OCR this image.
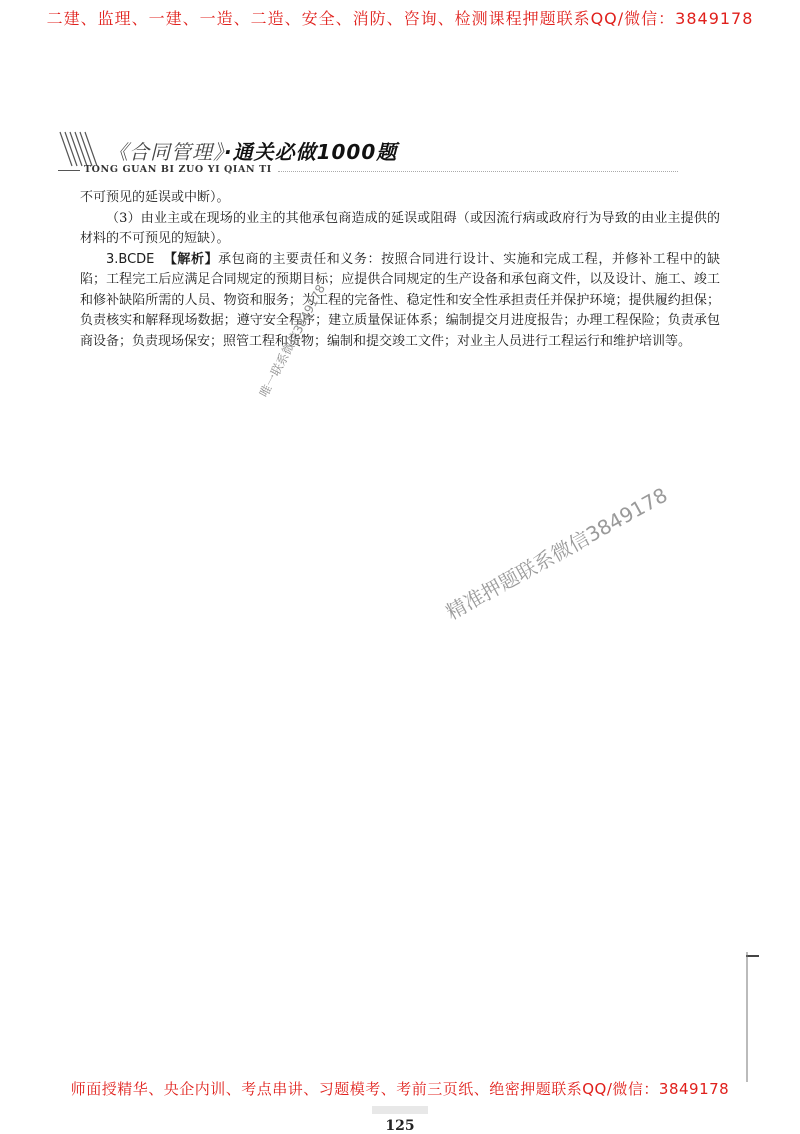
二建、监理、一建、一造、二造、安全、消防、咨询、检测课程押题联系QQ/微信：3849178
《合同管理》·通关必做1000题
TONG GUAN BI ZUO YI QIAN TI

不可预见的延误或中断）。

（3）由业主或在现场的业主的其他承包商造成的延误或阻碍（或因流行病或政府行为导致的由业主提供的材料的不可预见的短缺）。

3.BCDE 【解析】承包商的主要责任和义务：按照合同进行设计、实施和完成工程，并修补工程中的缺陷；工程完工后应满足合同规定的预期目标；应提供合同规定的生产设备和承包商文件，以及设计、施工、竣工和修补缺陷所需的人员、物资和服务；为工程的完备性、稳定性和安全性承担责任并保护环境；提供履约担保；负责核实和解释现场数据；遵守安全程序；建立质量保证体系；编制提交月进度报告；办理工程保险；负责承包商设备；负责现场保安；照管工程和货物；编制和提交竣工文件；对业主人员进行工程运行和维护培训等。

唯一联系微信3849178
精准押题联系微信3849178
师面授精华、央企内训、考点串讲、习题模考、考前三页纸、绝密押题联系QQ/微信：3849178
125
